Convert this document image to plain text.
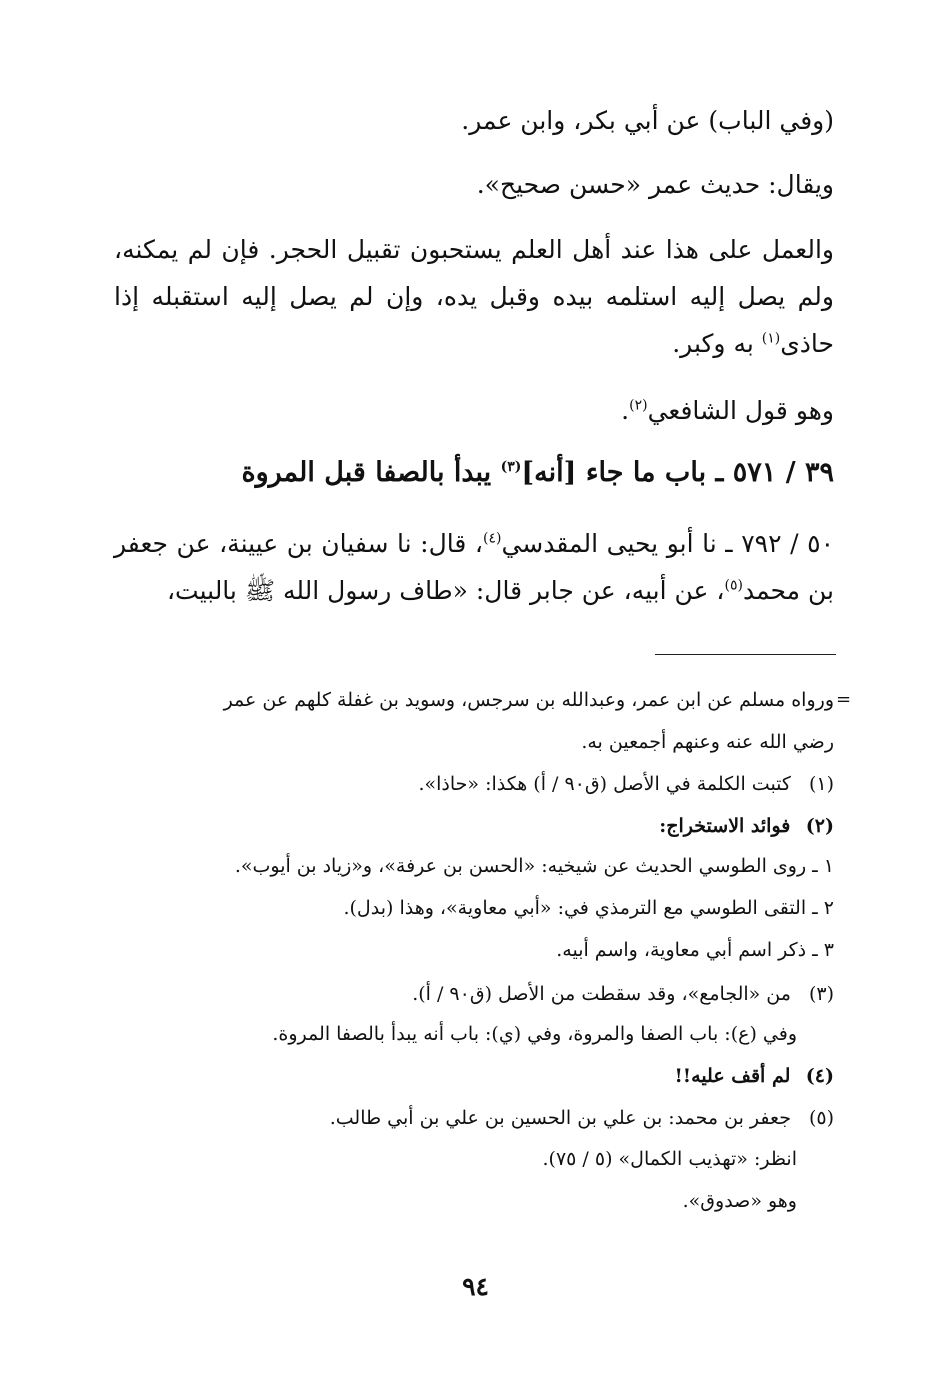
(وفي الباب) عن أبي بكر، وابن عمر.
ويقال: حديث عمر «حسن صحيح».
والعمل على هذا عند أهل العلم يستحبون تقبيل الحجر. فإن لم يمكنه، ولم يصل إليه استلمه بيده وقبل يده، وإن لم يصل إليه استقبله إذا حاذى$^{(١)}$ به وكبر.
وهو قول الشافعي$^{(٢)}$.
٣٩ / ٥٧١ ـ باب ما جاء [أنه]$^{(٣)}$ يبدأ بالصفا قبل المروة
٥٠ / ٧٩٢ ـ نا أبو يحيى المقدسي$^{(٤)}$، قال: نا سفيان بن عيينة، عن جعفر بن محمد$^{(٥)}$، عن أبيه، عن جابر قال: «طاف رسول الله ﷺ بالبيت،
=
ورواه مسلم عن ابن عمر، وعبدالله بن سرجس، وسويد بن غفلة كلهم عن عمر
رضي الله عنه وعنهم أجمعين به.
(١) كتبت الكلمة في الأصل (ق٩٠ / أ) هكذا: «حاذا».
(٢) فوائد الاستخراج:
١ ـ روى الطوسي الحديث عن شيخيه: «الحسن بن عرفة»، و«زياد بن أيوب».
٢ ـ التقى الطوسي مع الترمذي في: «أبي معاوية»، وهذا (بدل).
٣ ـ ذكر اسم أبي معاوية، واسم أبيه.
(٣) من «الجامع»، وقد سقطت من الأصل (ق٩٠ / أ).
وفي (ع): باب الصفا والمروة، وفي (ي): باب أنه يبدأ بالصفا المروة.
(٤) لم أقف عليه!!
(٥) جعفر بن محمد: بن علي بن الحسين بن علي بن أبي طالب.
انظر: «تهذيب الكمال» (٥ / ٧٥).
وهو «صدوق».
٩٤
